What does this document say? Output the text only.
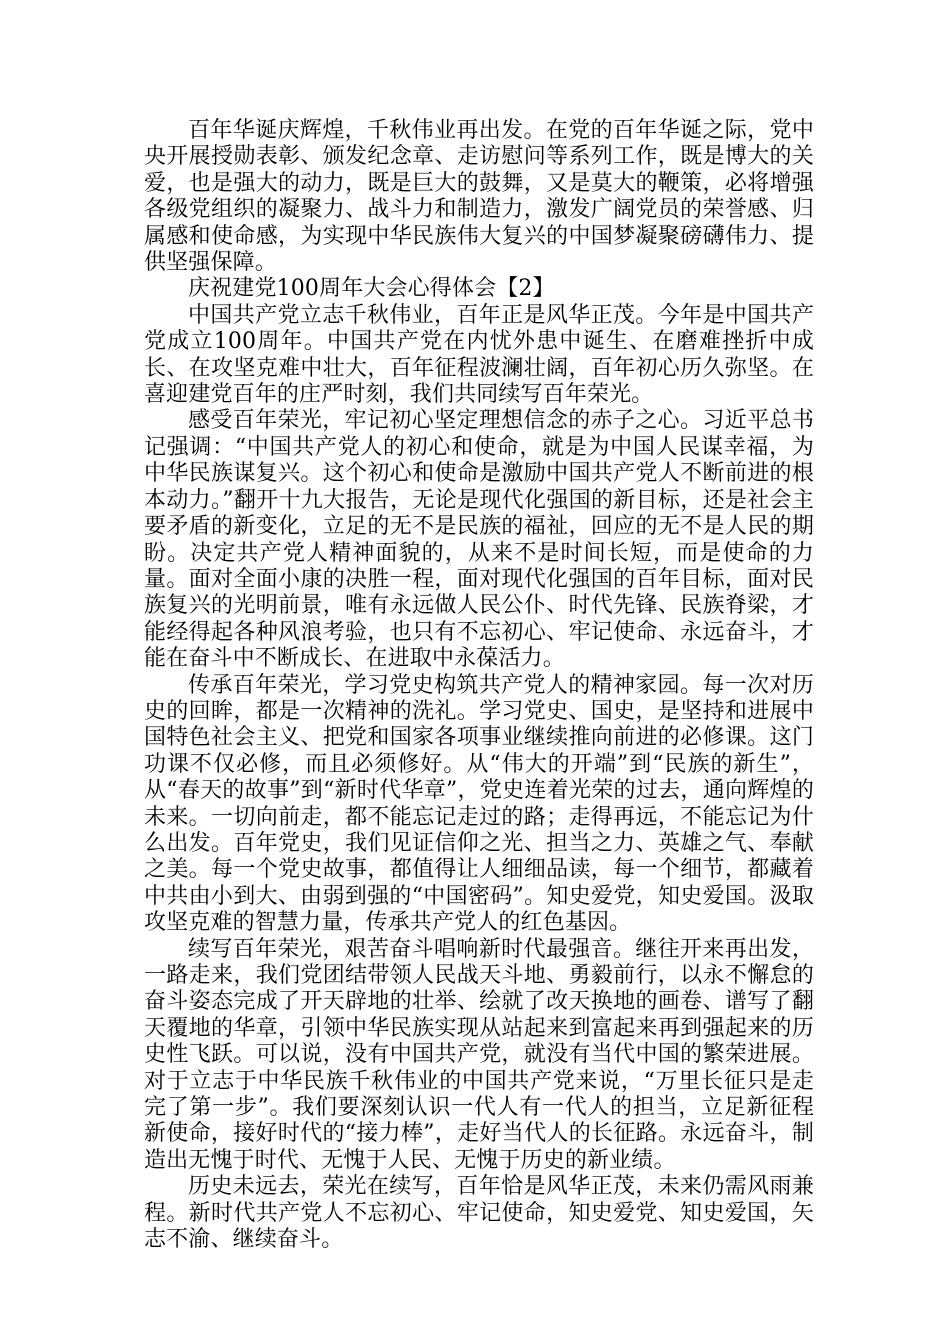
百年华诞庆辉煌，千秋伟业再出发。在党的百年华诞之际，党中央开展授勋表彰、颁发纪念章、走访慰问等系列工作，既是博大的关爱，也是强大的动力，既是巨大的鼓舞，又是莫大的鞭策，必将增强各级党组织的凝聚力、战斗力和制造力，激发广阔党员的荣誉感、归属感和使命感，为实现中华民族伟大复兴的中国梦凝聚磅礴伟力、提供坚强保障。

庆祝建党100周年大会心得体会【2】

中国共产党立志千秋伟业，百年正是风华正茂。今年是中国共产党成立100周年。中国共产党在内忧外患中诞生、在磨难挫折中成长、在攻坚克难中壮大，百年征程波澜壮阔，百年初心历久弥坚。在喜迎建党百年的庄严时刻，我们共同续写百年荣光。

感受百年荣光，牢记初心坚定理想信念的赤子之心。习近平总书记强调：“中国共产党人的初心和使命，就是为中国人民谋幸福，为中华民族谋复兴。这个初心和使命是激励中国共产党人不断前进的根本动力。”翻开十九大报告，无论是现代化强国的新目标，还是社会主要矛盾的新变化，立足的无不是民族的福祉，回应的无不是人民的期盼。决定共产党人精神面貌的，从来不是时间长短，而是使命的力量。面对全面小康的决胜一程，面对现代化强国的百年目标，面对民族复兴的光明前景，唯有永远做人民公仆、时代先锋、民族脊梁，才能经得起各种风浪考验，也只有不忘初心、牢记使命、永远奋斗，才能在奋斗中不断成长、在进取中永葆活力。

传承百年荣光，学习党史构筑共产党人的精神家园。每一次对历史的回眸，都是一次精神的洗礼。学习党史、国史，是坚持和进展中国特色社会主义、把党和国家各项事业继续推向前进的必修课。这门功课不仅必修，而且必须修好。从“伟大的开端”到“民族的新生”，从“春天的故事”到“新时代华章”，党史连着光荣的过去，通向辉煌的未来。一切向前走，都不能忘记走过的路；走得再远，不能忘记为什么出发。百年党史，我们见证信仰之光、担当之力、英雄之气、奉献之美。每一个党史故事，都值得让人细细品读，每一个细节，都藏着中共由小到大、由弱到强的“中国密码”。知史爱党，知史爱国。汲取攻坚克难的智慧力量，传承共产党人的红色基因。

续写百年荣光，艰苦奋斗唱响新时代最强音。继往开来再出发，一路走来，我们党团结带领人民战天斗地、勇毅前行，以永不懈怠的奋斗姿态完成了开天辟地的壮举、绘就了改天换地的画卷、谱写了翻天覆地的华章，引领中华民族实现从站起来到富起来再到强起来的历史性飞跃。可以说，没有中国共产党，就没有当代中国的繁荣进展。对于立志于中华民族千秋伟业的中国共产党来说，“万里长征只是走完了第一步”。我们要深刻认识一代人有一代人的担当，立足新征程新使命，接好时代的“接力棒”，走好当代人的长征路。永远奋斗，制造出无愧于时代、无愧于人民、无愧于历史的新业绩。

历史未远去，荣光在续写，百年恰是风华正茂，未来仍需风雨兼程。新时代共产党人不忘初心、牢记使命，知史爱党、知史爱国，矢志不渝、继续奋斗。
